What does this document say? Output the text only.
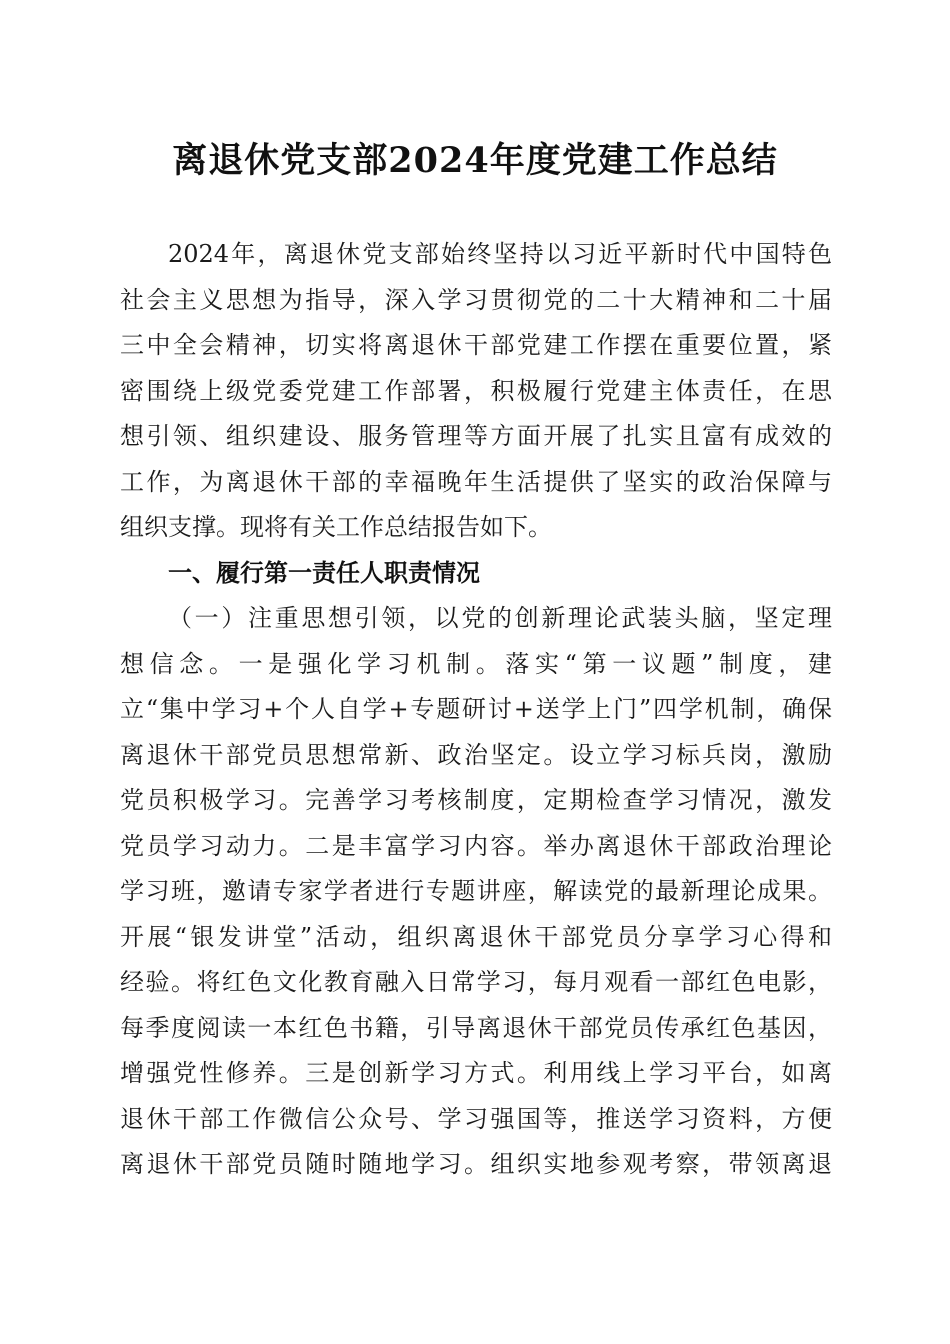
离退休党支部2024年度党建工作总结
2024年，离退休党支部始终坚持以习近平新时代中国特色
社会主义思想为指导，深入学习贯彻党的二十大精神和二十届
三中全会精神，切实将离退休干部党建工作摆在重要位置，紧
密围绕上级党委党建工作部署，积极履行党建主体责任，在思
想引领、组织建设、服务管理等方面开展了扎实且富有成效的
工作，为离退休干部的幸福晚年生活提供了坚实的政治保障与
组织支撑。现将有关工作总结报告如下。
一、履行第一责任人职责情况
（一）注重思想引领，以党的创新理论武装头脑，坚定理
想信念。一是强化学习机制。落实“第一议题”制度，建
立“集中学习+个人自学+专题研讨+送学上门”四学机制，确保
离退休干部党员思想常新、政治坚定。设立学习标兵岗，激励
党员积极学习。完善学习考核制度，定期检查学习情况，激发
党员学习动力。二是丰富学习内容。举办离退休干部政治理论
学习班，邀请专家学者进行专题讲座，解读党的最新理论成果。
开展“银发讲堂”活动，组织离退休干部党员分享学习心得和
经验。将红色文化教育融入日常学习，每月观看一部红色电影，
每季度阅读一本红色书籍，引导离退休干部党员传承红色基因，
增强党性修养。三是创新学习方式。利用线上学习平台，如离
退休干部工作微信公众号、学习强国等，推送学习资料，方便
离退休干部党员随时随地学习。组织实地参观考察，带领离退
